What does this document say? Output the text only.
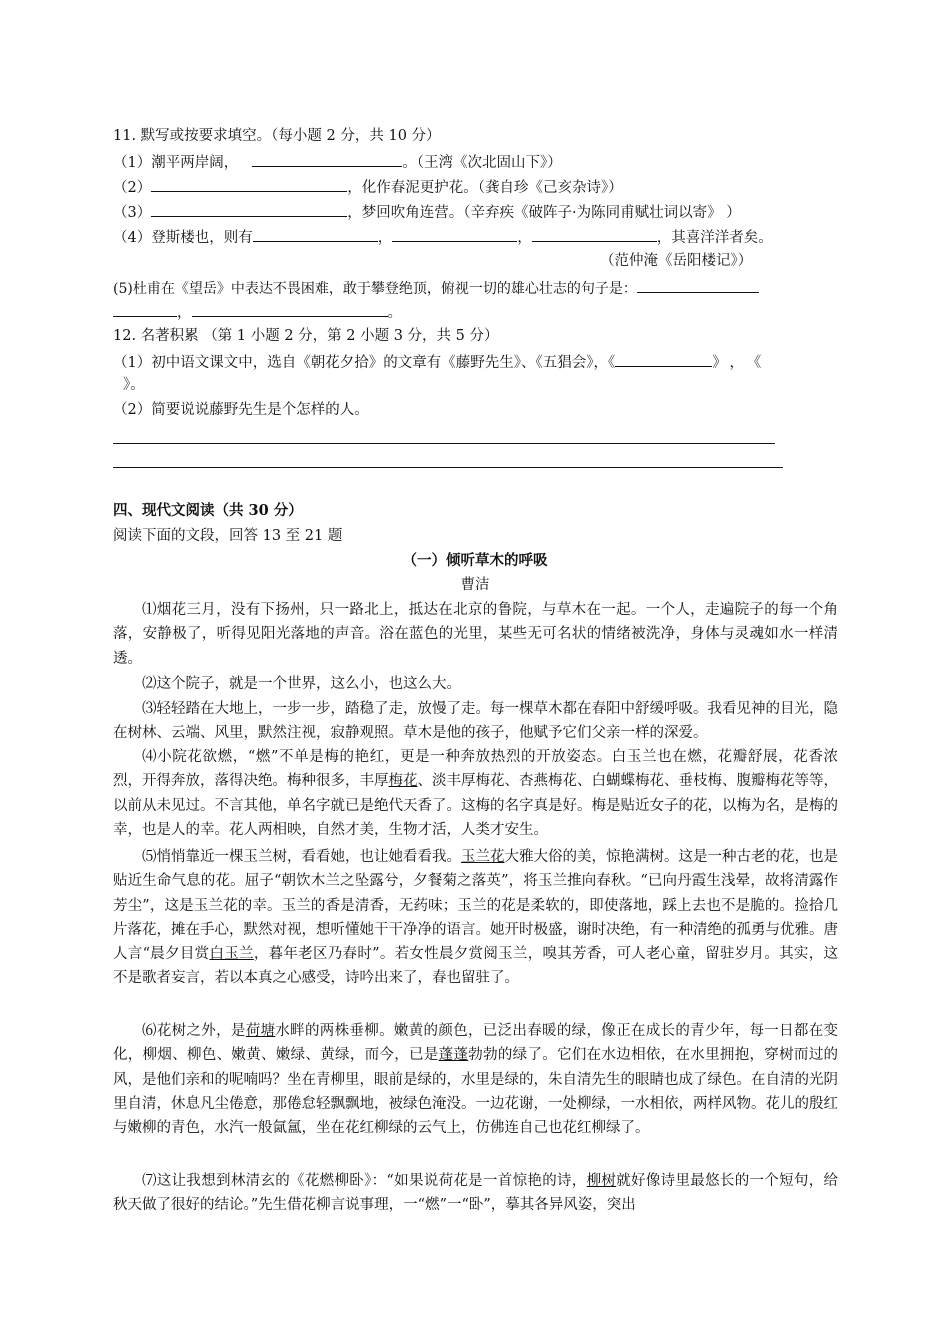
11. 默写或按要求填空。（每小题 2 分，共 10 分）
（1）潮平两岸阔，	。（王湾《次北固山下》）
（2）	，化作春泥更护花。（龚自珍《己亥杂诗》）
（3）	，梦回吹角连营。（辛弃疾《破阵子·为陈同甫赋壮词以寄》 ）
（4）登斯楼也，则有	，	，	，其喜洋洋者矣。
（范仲淹《岳阳楼记》）
(5)杜甫在《望岳》中表达不畏困难，敢于攀登绝顶，俯视一切的雄心壮志的句子是：
，	。
12. 名著积累 （第 1 小题 2 分，第 2 小题 3 分，共 5 分）
（1）初中语文课文中，选自《朝花夕拾》的文章有《藤野先生》、《五猖会》，《	》，《
》。
（2）简要说说藤野先生是个怎样的人。
四、现代文阅读（共 30 分）
阅读下面的文段，回答 13 至 21 题
（一）倾听草木的呼吸
曹洁
⑴烟花三月，没有下扬州，只一路北上，抵达在北京的鲁院，与草木在一起。一个人，走遍院子的每一个角落，安静极了，听得见阳光落地的声音。浴在蓝色的光里，某些无可名状的情绪被洗净，身体与灵魂如水一样清透。
⑵这个院子，就是一个世界，这么小，也这么大。
⑶轻轻踏在大地上，一步一步，踏稳了走，放慢了走。每一棵草木都在春阳中舒缓呼吸。我看见神的目光，隐在树林、云端、风里，默然注视，寂静观照。草木是他的孩子，他赋予它们父亲一样的深爱。
⑷小院花欲燃，“燃”不单是梅的艳红，更是一种奔放热烈的开放姿态。白玉兰也在燃，花瓣舒展，花香浓烈，开得奔放，落得决绝。梅种很多，丰厚梅花、淡丰厚梅花、杏燕梅花、白蝴蝶梅花、垂枝梅、腹瓣梅花等等，以前从未见过。不言其他，单名字就已是绝代天香了。这梅的名字真是好。梅是贴近女子的花，以梅为名，是梅的幸，也是人的幸。花人两相映，自然才美，生物才活，人类才安生。
⑸悄悄靠近一棵玉兰树，看看她，也让她看看我。玉兰花大雅大俗的美，惊艳满树。这是一种古老的花，也是贴近生命气息的花。屈子“朝饮木兰之坠露兮，夕餐菊之落英”，将玉兰推向春秋。“已向丹霞生浅晕，故将清露作芳尘”，这是玉兰花的幸。玉兰的香是清香，无药味；玉兰的花是柔软的，即使落地，踩上去也不是脆的。捡拾几片落花，摊在手心，默然对视，想听懂她干干净净的语言。她开时极盛，谢时决绝，有一种清绝的孤勇与优雅。唐人言“晨夕目赏白玉兰，暮年老区乃春时”。若女性晨夕赏阅玉兰，嗅其芳香，可人老心童，留驻岁月。其实，这不是歌者妄言，若以本真之心感受，诗吟出来了，春也留驻了。
⑹花树之外，是荷塘水畔的两株垂柳。嫩黄的颜色，已泛出春暖的绿，像正在成长的青少年，每一日都在变化，柳烟、柳色、嫩黄、嫩绿、黄绿，而今，已是蓬蓬勃勃的绿了。它们在水边相依，在水里拥抱，穿树而过的风，是他们亲和的呢喃吗？坐在青柳里，眼前是绿的，水里是绿的，朱自清先生的眼睛也成了绿色。在自清的光阴里自清，休息凡尘倦意，那倦怠轻飘飘地，被绿色淹没。一边花谢，一处柳绿，一水相依，两样风物。花儿的殷红与嫩柳的青色，水汽一般氤氲，坐在花红柳绿的云气上，仿佛连自己也花红柳绿了。
⑺这让我想到林清玄的《花燃柳卧》：“如果说荷花是一首惊艳的诗，柳树就好像诗里最悠长的一个短句，给秋天做了很好的结论。”先生借花柳言说事理，一“燃”一“卧”，摹其各异风姿，突出
